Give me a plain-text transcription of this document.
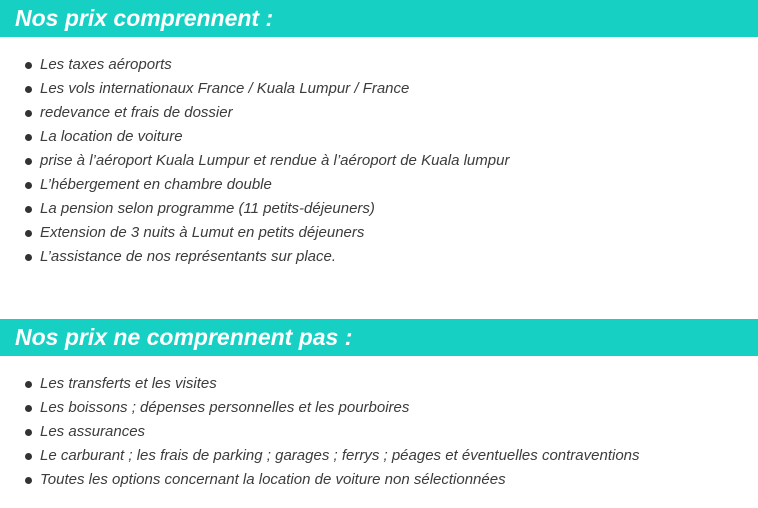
Nos prix comprennent :
Les taxes aéroports
Les vols internationaux France / Kuala Lumpur / France
redevance et frais de dossier
La location de voiture
prise à l’aéroport Kuala Lumpur et rendue à l’aéroport de Kuala lumpur
L’hébergement en chambre double
La pension selon programme (11 petits-déjeuners)
Extension de 3 nuits à Lumut en petits déjeuners
L’assistance de nos représentants sur place.
Nos prix ne comprennent pas :
Les transferts et les visites
Les boissons ; dépenses personnelles et les pourboires
Les assurances
Le carburant ; les frais de parking ; garages ; ferrys ; péages et éventuelles contraventions
Toutes les options concernant la location de voiture non sélectionnées
